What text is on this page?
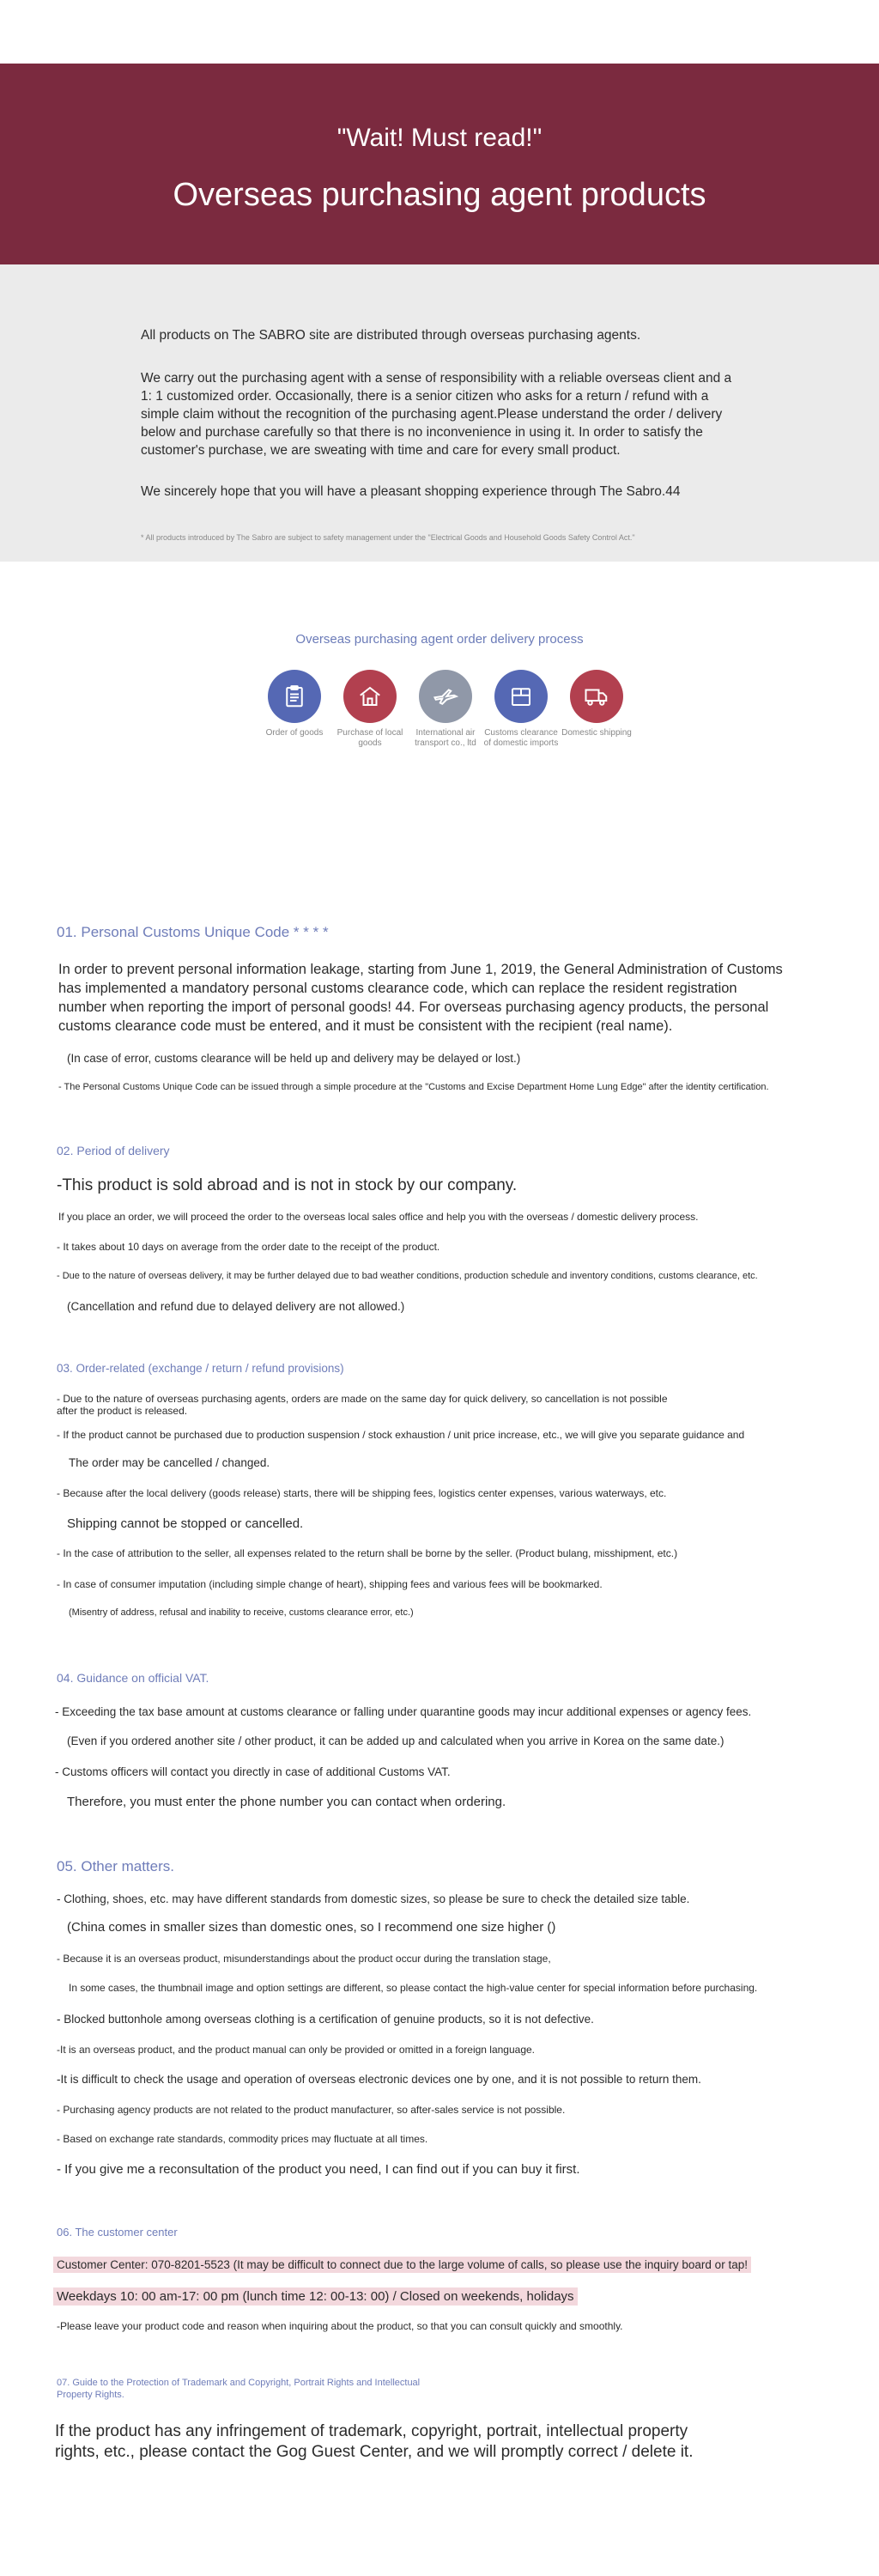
"Wait! Must read!"
Overseas purchasing agent products

All products on The SABRO site are distributed through overseas purchasing agents.

We carry out the purchasing agent with a sense of responsibility with a reliable overseas client and a 1: 1 customized order. Occasionally, there is a senior citizen who asks for a return / refund with a simple claim without the recognition of the purchasing agent.Please understand the order / delivery below and purchase carefully so that there is no inconvenience in using it. In order to satisfy the customer's purchase, we are sweating with time and care for every small product.

We sincerely hope that you will have a pleasant shopping experience through The Sabro.44

* All products introduced by The Sabro are subject to safety management under the "Electrical Goods and Household Goods Safety Control Act."

Overseas purchasing agent order delivery process
Order of goods	Purchase of local goods
International air transport co., ltd
Customs clearance of domestic imports
Domestic shipping
01. Personal Customs Unique Code * * * *
In order to prevent personal information leakage, starting from June 1, 2019, the General Administration of Customs has implemented a mandatory personal customs clearance code, which can replace the resident registration number when reporting the import of personal goods! 44. For overseas purchasing agency products, the personal customs clearance code must be entered, and it must be consistent with the recipient (real name).
(In case of error, customs clearance will be held up and delivery may be delayed or lost.)
- The Personal Customs Unique Code can be issued through a simple procedure at the "Customs and Excise Department Home Lung Edge" after the identity certification.
02. Period of delivery
-This product is sold abroad and is not in stock by our company.
If you place an order, we will proceed the order to the overseas local sales office and help you with the overseas / domestic delivery process.
- It takes about 10 days on average from the order date to the receipt of the product.
- Due to the nature of overseas delivery, it may be further delayed due to bad weather conditions, production schedule and inventory conditions, customs clearance, etc.
(Cancellation and refund due to delayed delivery are not allowed.)
03. Order-related (exchange / return / refund provisions)
- Due to the nature of overseas purchasing agents, orders are made on the same day for quick delivery, so cancellation is not possible after the product is released.
- If the product cannot be purchased due to production suspension / stock exhaustion / unit price increase, etc., we will give you separate guidance and
The order may be cancelled / changed.
- Because after the local delivery (goods release) starts, there will be shipping fees, logistics center expenses, various waterways, etc.
Shipping cannot be stopped or cancelled.
- In the case of attribution to the seller, all expenses related to the return shall be borne by the seller. (Product bulang, misshipment, etc.)
- In case of consumer imputation (including simple change of heart), shipping fees and various fees will be bookmarked.
(Misentry of address, refusal and inability to receive, customs clearance error, etc.)
04. Guidance on official VAT.
- Exceeding the tax base amount at customs clearance or falling under quarantine goods may incur additional expenses or agency fees.
(Even if you ordered another site / other product, it can be added up and calculated when you arrive in Korea on the same date.)
- Customs officers will contact you directly in case of additional Customs VAT.
Therefore, you must enter the phone number you can contact when ordering.
05. Other matters.
- Clothing, shoes, etc. may have different standards from domestic sizes, so please be sure to check the detailed size table.
(China comes in smaller sizes than domestic ones, so I recommend one size higher ()
- Because it is an overseas product, misunderstandings about the product occur during the translation stage,
In some cases, the thumbnail image and option settings are different, so please contact the high-value center for special information before purchasing.
- Blocked buttonhole among overseas clothing is a certification of genuine products, so it is not defective.
-It is an overseas product, and the product manual can only be provided or omitted in a foreign language.
-It is difficult to check the usage and operation of overseas electronic devices one by one, and it is not possible to return them.
- Purchasing agency products are not related to the product manufacturer, so after-sales service is not possible.
- Based on exchange rate standards, commodity prices may fluctuate at all times.
- If you give me a reconsultation of the product you need, I can find out if you can buy it first.
06. The customer center
Customer Center: 070-8201-5523 (It may be difficult to connect due to the large volume of calls, so please use the inquiry board or tap!
Weekdays 10: 00 am-17: 00 pm (lunch time 12: 00-13: 00) / Closed on weekends, holidays
-Please leave your product code and reason when inquiring about the product, so that you can consult quickly and smoothly.
07. Guide to the Protection of Trademark and Copyright, Portrait Rights and Intellectual Property Rights.
If the product has any infringement of trademark, copyright, portrait, intellectual property rights, etc., please contact the Gog Guest Center, and we will promptly correct / delete it.
